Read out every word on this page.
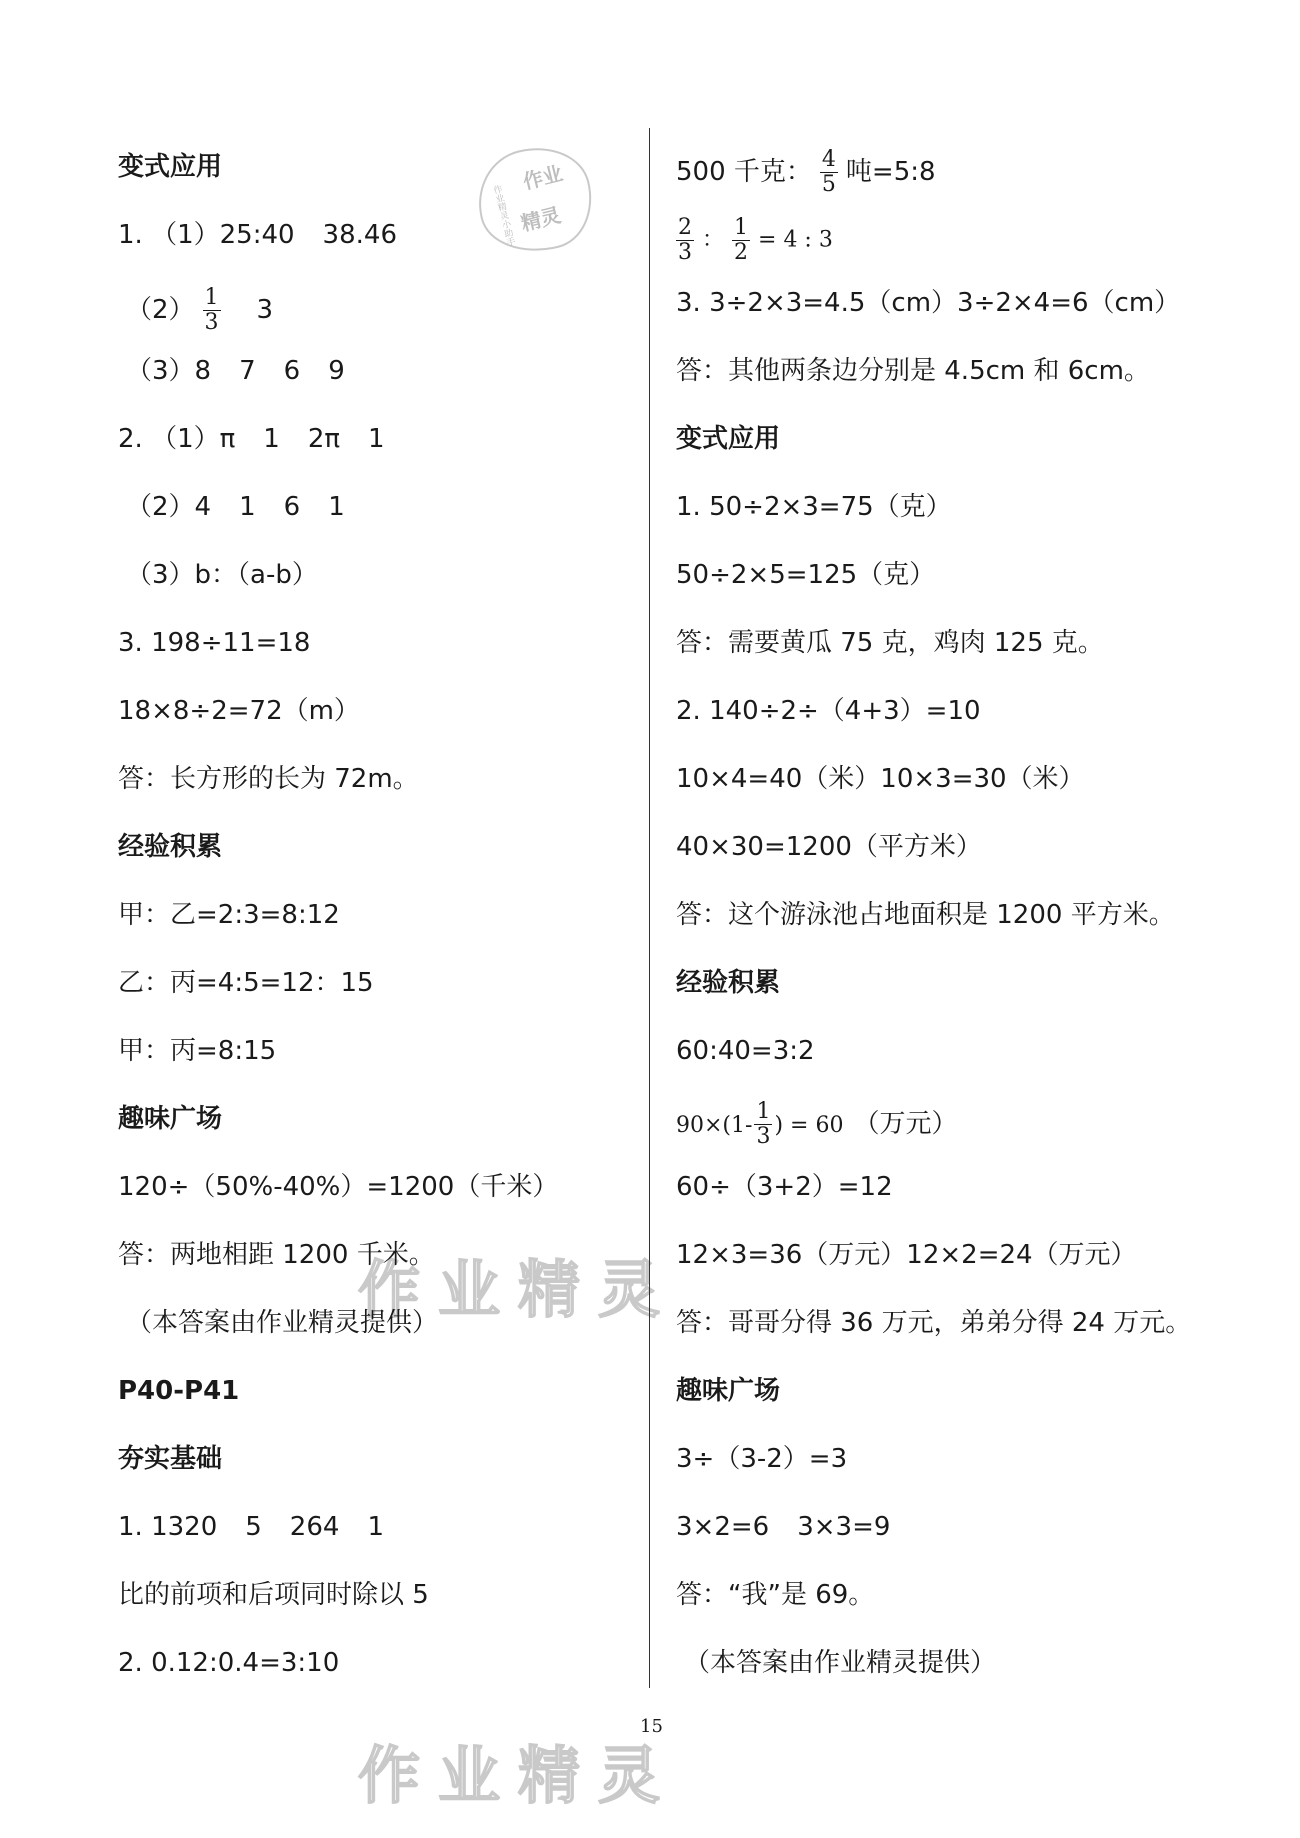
作业
作业精灵小助手 精灵
作业精灵
作业精灵
变式应用
1. （1）25:40 38.46
$(2) \frac{1}{3} 3$
（3）8 7 6 9
2. （1）π 1 2π 1
（2）4 1 6 1
（3）b：（a-b）
3. 198÷11=18
18×8÷2=72（m）
答：长方形的长为 72m。
经验积累
甲：乙=2:3=8:12
乙：丙=4:5=12：15
甲：丙=8:15
趣味广场
120÷（50%-40%）=1200（千米）
答：两地相距 1200 千米。
（本答案由作业精灵提供）
P40-P41
夯实基础
1. 1320 5 264 1
比的前项和后项同时除以 5
2. 0.12:0.4=3:10
500 千克： $\frac{4}{5}$ 吨=5:8
$\frac{2}{3}$ ： $\frac{1}{2} = 4$ : 3
3. 3÷2×3=4.5（cm）3÷2×4=6（cm）
答：其他两条边分别是 4.5cm 和 6cm。
变式应用
1. 50÷2×3=75（克）
50÷2×5=125（克）
答：需要黄瓜 75 克，鸡肉 125 克。
2. 140÷2÷（4+3）=10
10×4=40（米）10×3=30（米）
40×30=1200（平方米）
答：这个游泳池占地面积是 1200 平方米。
经验积累
60:40=3:2
$90\times(1- \frac{1}{3}$ ) = 60 （万元）
60÷（3+2）=12
12×3=36（万元）12×2=24（万元）
答：哥哥分得 36 万元，弟弟分得 24 万元。
趣味广场
3÷（3-2）=3
3×2=6 3×3=9
答：“我”是 69。
（本答案由作业精灵提供）
15
